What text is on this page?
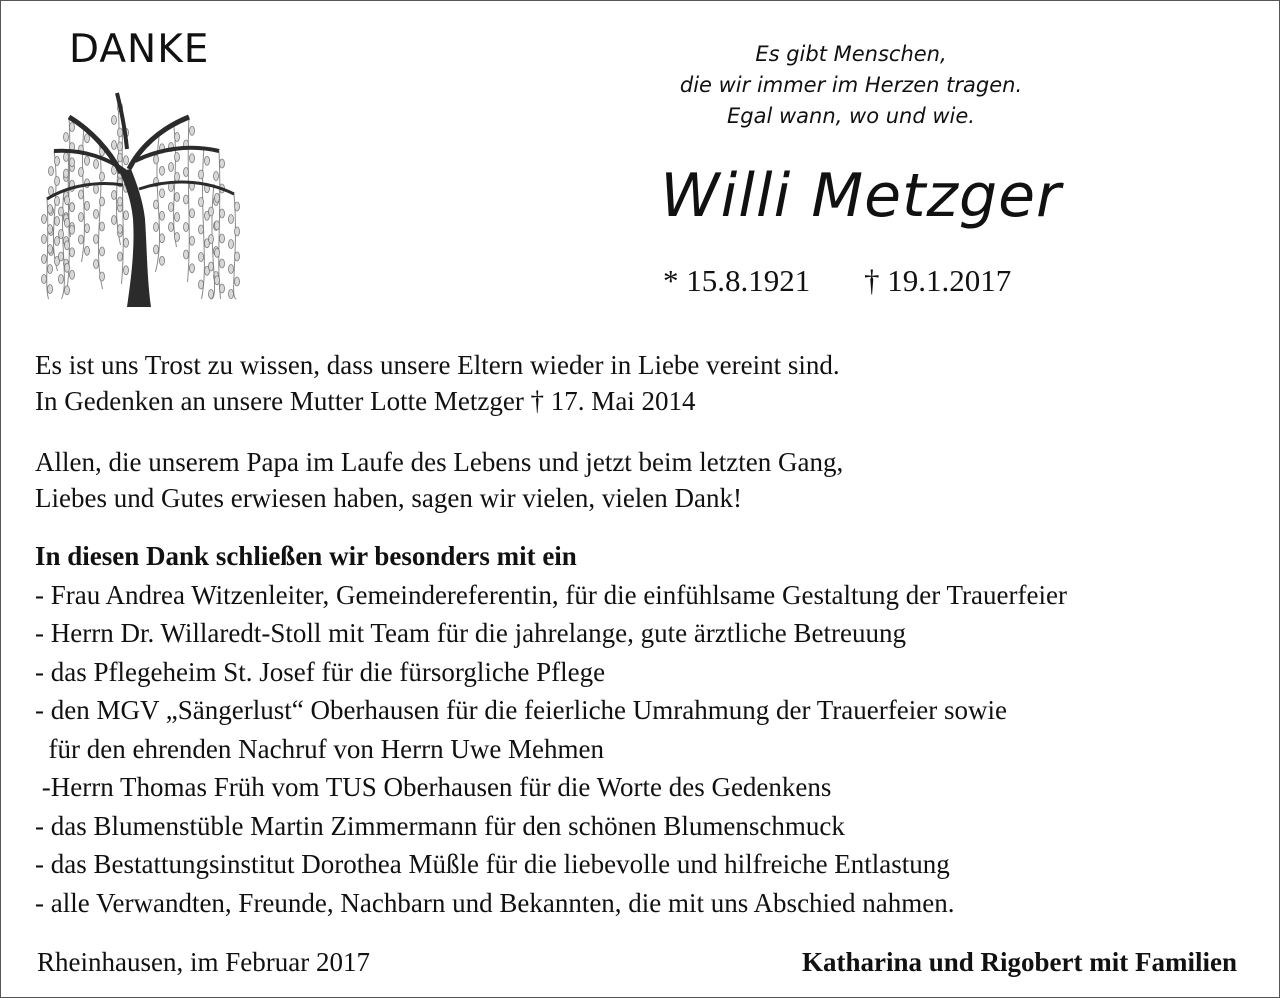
DANKE	Es gibt Menschen,
die wir immer im Herzen tragen.
Egal wann, wo und wie.
Willi Metzger
* 15.8.1921 † 19.1.2017
Es ist uns Trost zu wissen, dass unsere Eltern wieder in Liebe vereint sind.
In Gedenken an unsere Mutter Lotte Metzger † 17. Mai 2014
Allen, die unserem Papa im Laufe des Lebens und jetzt beim letzten Gang,
Liebes und Gutes erwiesen haben, sagen wir vielen, vielen Dank!
In diesen Dank schließen wir besonders mit ein
- Frau Andrea Witzenleiter, Gemeindereferentin, für die einfühlsame Gestaltung der Trauerfeier
- Herrn Dr. Willaredt-Stoll mit Team für die jahrelange, gute ärztliche Betreuung
- das Pflegeheim St. Josef für die fürsorgliche Pflege
- den MGV „Sängerlust“ Oberhausen für die feierliche Umrahmung der Trauerfeier sowie
für den ehrenden Nachruf von Herrn Uwe Mehmen
-Herrn Thomas Früh vom TUS Oberhausen für die Worte des Gedenkens
- das Blumenstüble Martin Zimmermann für den schönen Blumenschmuck
- das Bestattungsinstitut Dorothea Müßle für die liebevolle und hilfreiche Entlastung
- alle Verwandten, Freunde, Nachbarn und Bekannten, die mit uns Abschied nahmen.
Rheinhausen, im Februar 2017	Katharina und Rigobert mit Familien
